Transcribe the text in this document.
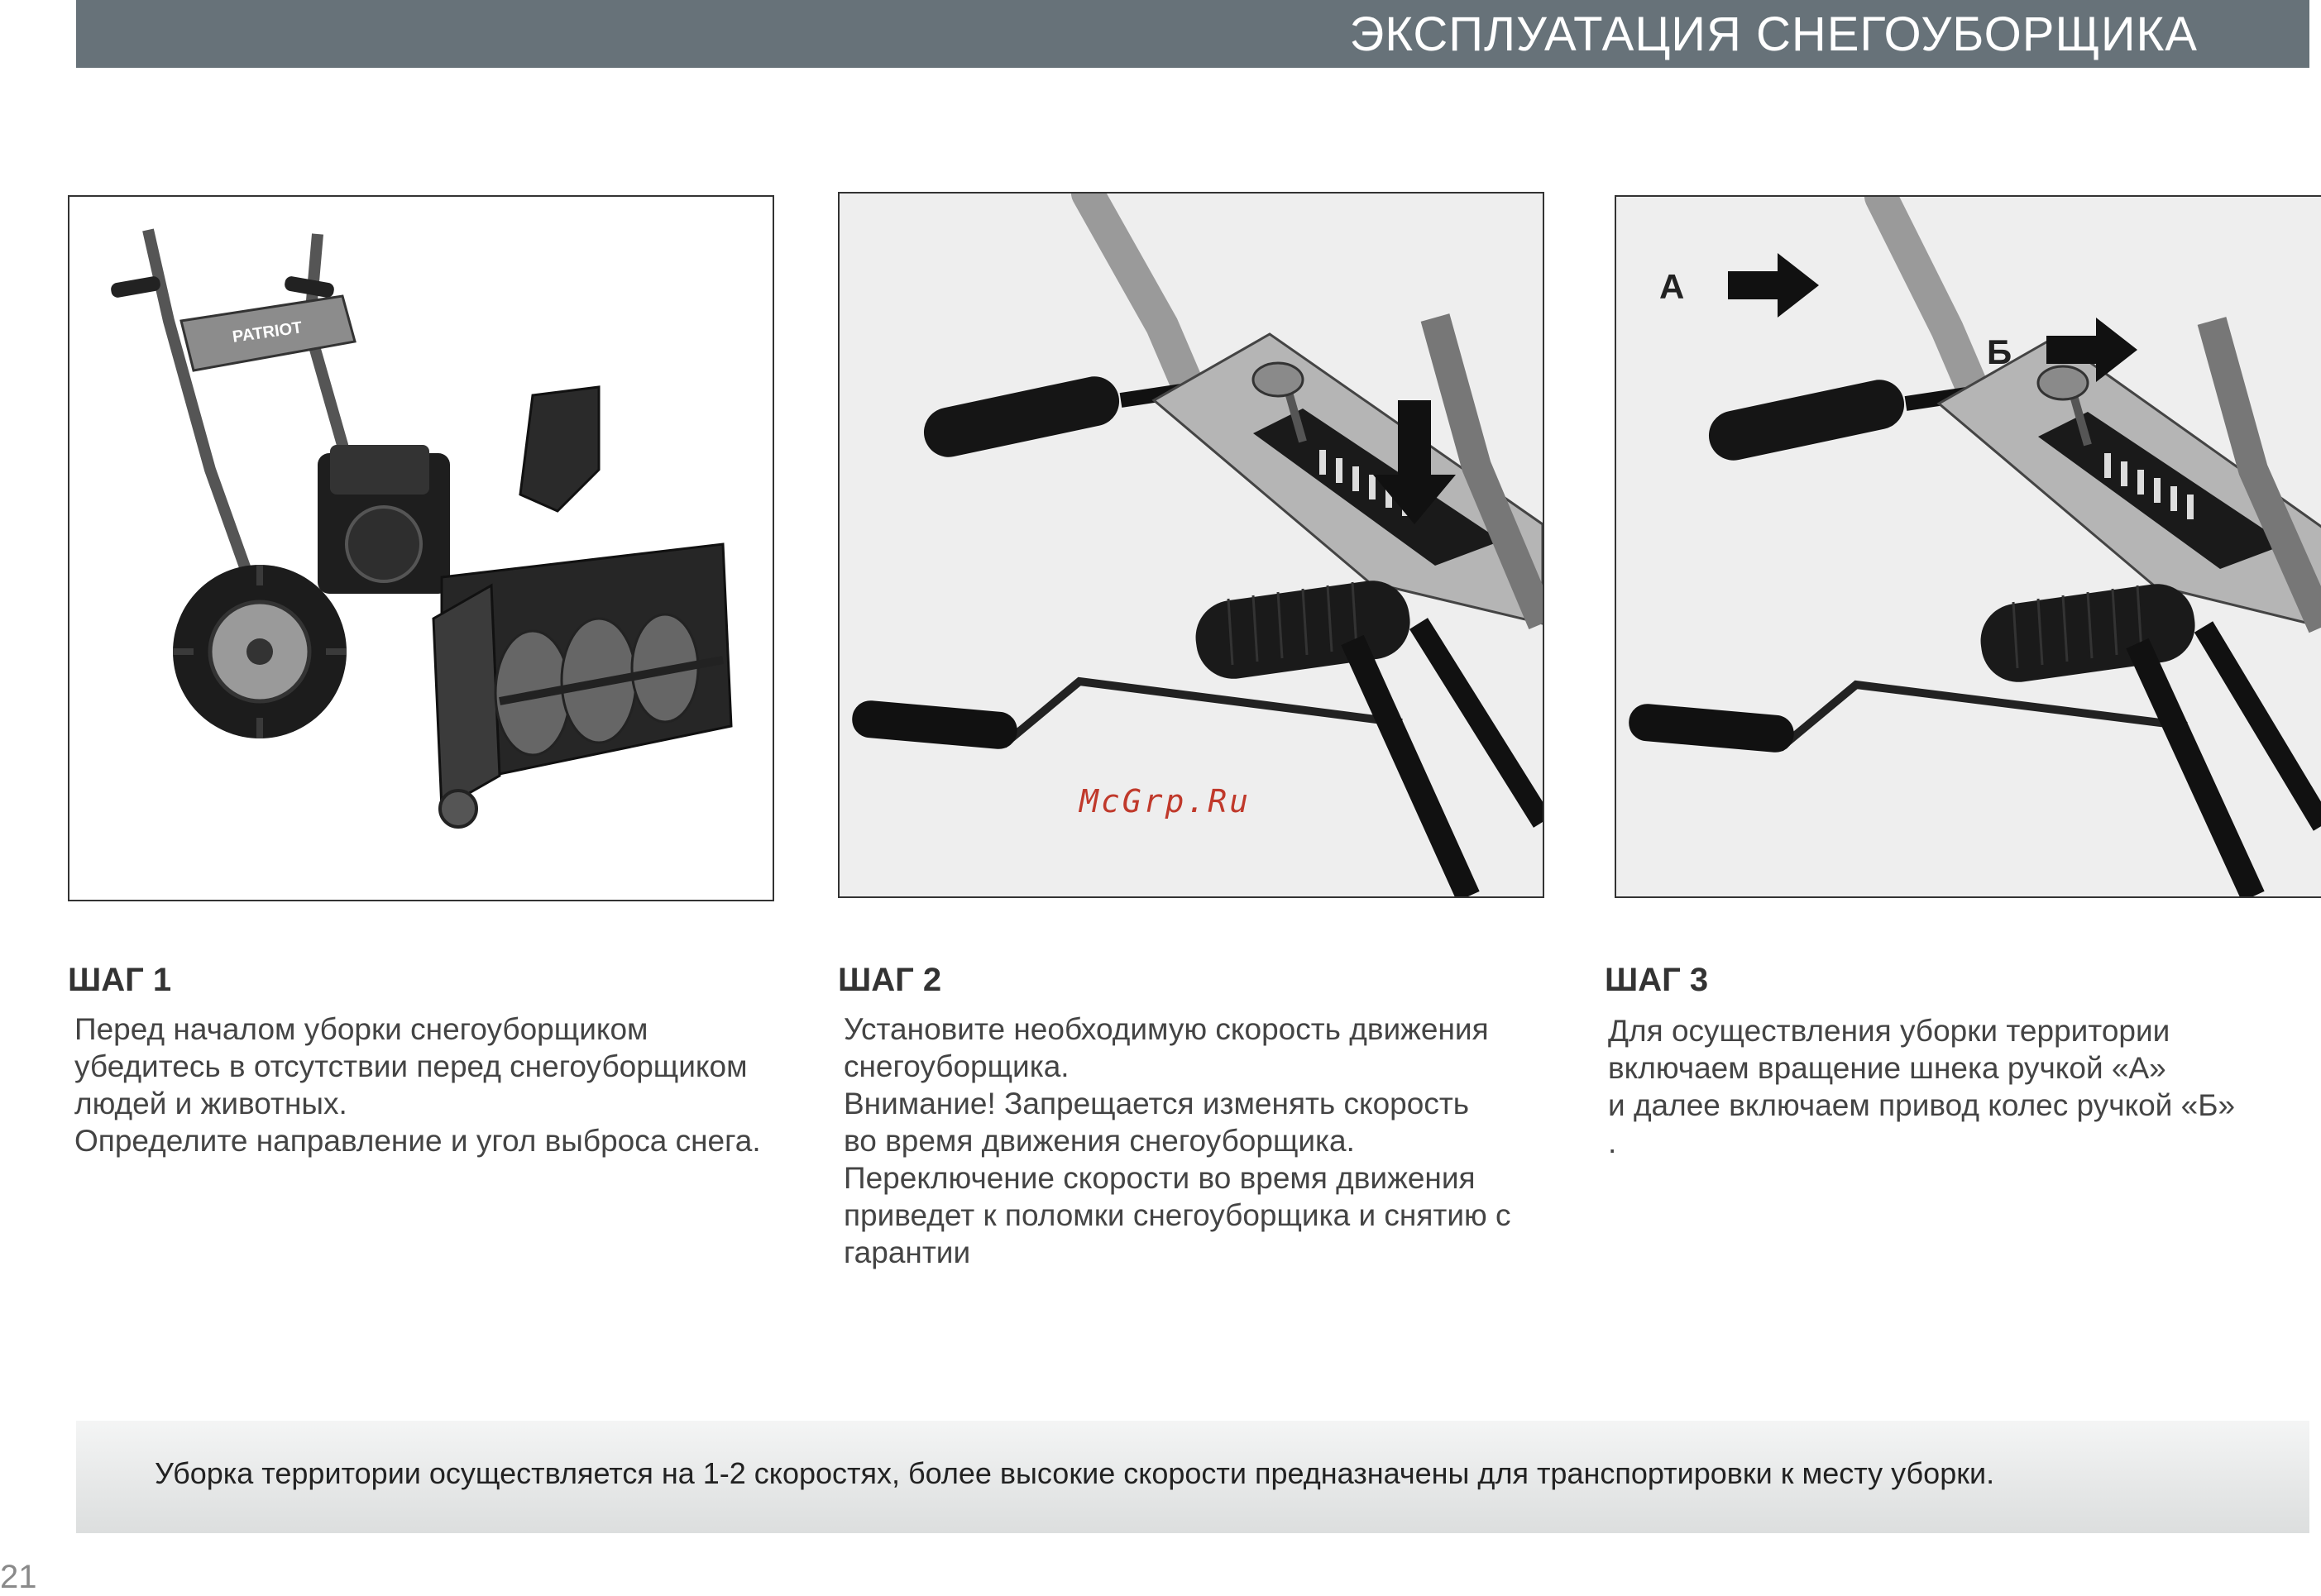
ЭКСПЛУАТАЦИЯ СНЕГОУБОРЩИКА
PATRIOT
McGrp.Ru
А
Б
ШАГ 1
Перед началом уборки снегоуборщиком
убедитесь в отсутствии перед снегоуборщиком
людей и животных.
Определите направление и угол выброса снега.
ШАГ 2
Установите необходимую скорость движения
снегоуборщика.
Внимание! Запрещается изменять скорость
во время движения снегоуборщика.
Переключение скорости во время движения
приведет к поломки снегоуборщика и снятию с
гарантии
ШАГ 3
Для осуществления уборки территории
включаем вращение шнека ручкой «А»
и далее включаем привод колес ручкой «Б»
.
Уборка территории осуществляется на 1-2 скоростях, более высокие скорости предназначены для транспортировки к месту уборки.
21
